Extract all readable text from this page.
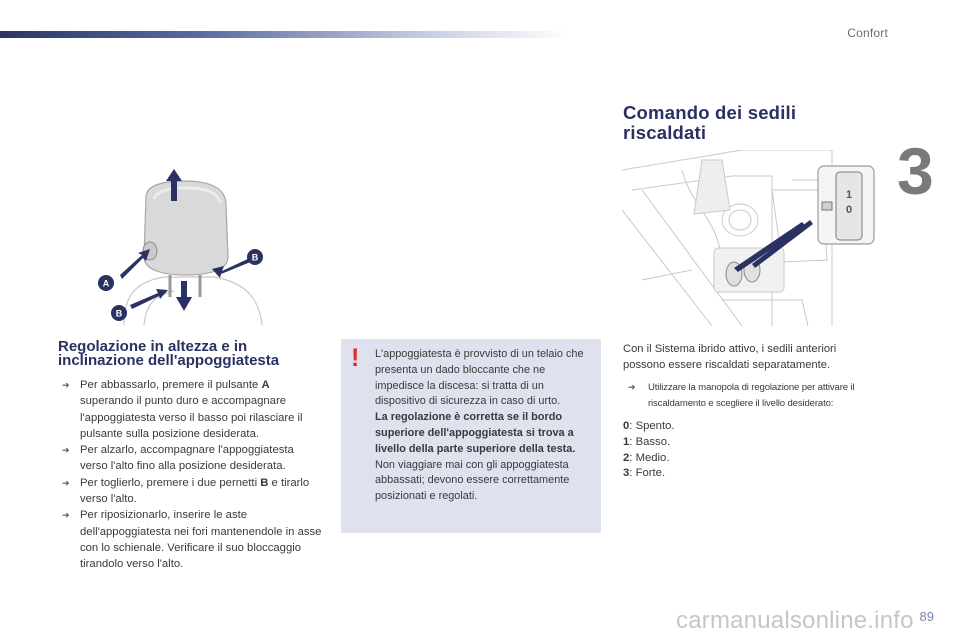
Confort
3
A
B
B
1
0
Regolazione in altezza e in
inclinazione dell'appoggiatesta
➔ Per abbassarlo, premere il pulsante A superando il punto duro e accompagnare l'appoggiatesta verso il basso poi rilasciare il pulsante sulla posizione desiderata.
➔ Per alzarlo, accompagnare l'appoggiatesta verso l'alto fino alla posizione desiderata.
➔ Per toglierlo, premere i due pernetti B e tirarlo verso l'alto.
➔ Per riposizionarlo, inserire le aste dell'appoggiatesta nei fori mantenendole in asse con lo schienale. Verificare il suo bloccaggio tirandolo verso l'alto.
!	L'appoggiatesta è provvisto di un telaio che presenta un dado bloccante che ne impedisce la discesa: si tratta di un dispositivo di sicurezza in caso di urto.

La regolazione è corretta se il bordo superiore dell'appoggiatesta si trova a livello della parte superiore della testa.

Non viaggiare mai con gli appoggiatesta abbassati; devono essere correttamente posizionati e regolati.

Comando dei sedili
riscaldati

Con il Sistema ibrido attivo, i sedili anteriori possono essere riscaldati separatamente.

➔ Utilizzare la manopola di regolazione per attivare il riscaldamento e scegliere il livello desiderato:
0: Spento.
1: Basso.
2: Medio.
3: Forte.
carmanualsonline.info 89
